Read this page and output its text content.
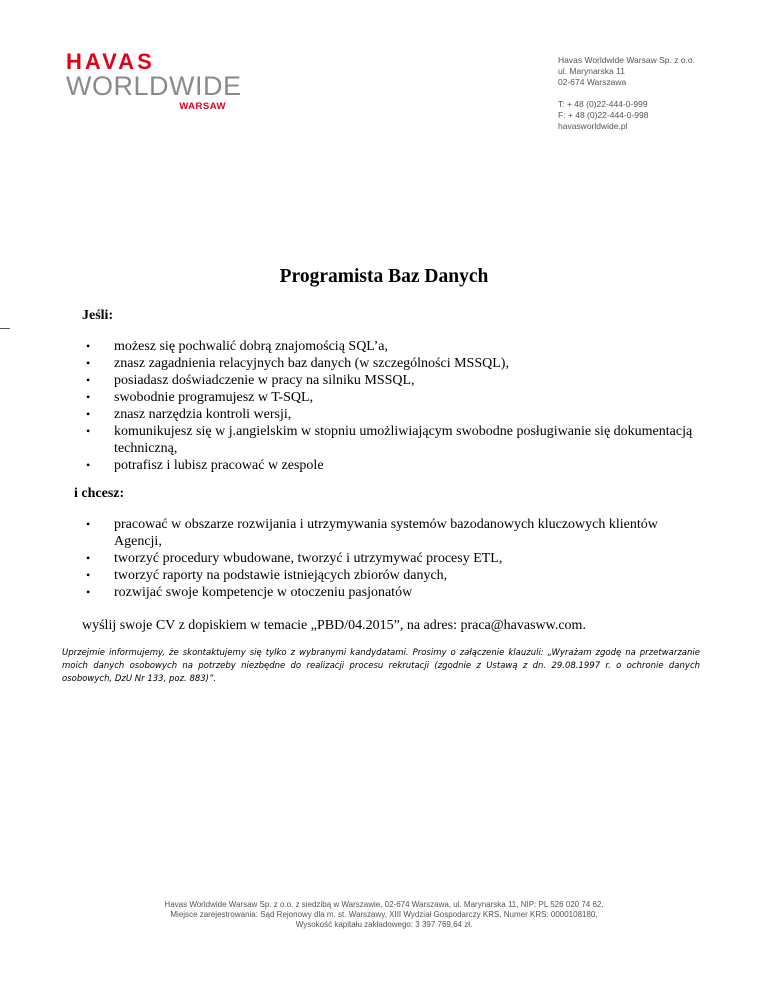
HAVAS
WORLDWIDE
WARSAW
Havas Worldwide Warsaw Sp. z o.o.
ul. Marynarska 11
02-674 Warszawa
T: + 48 (0)22-444-0-999
F: + 48 (0)22-444-0-998
havasworldwide.pl
Programista Baz Danych
Jeśli:
• możesz się pochwalić dobrą znajomością SQL’a,
• znasz zagadnienia relacyjnych baz danych (w szczególności MSSQL),
• posiadasz doświadczenie w pracy na silniku MSSQL,
• swobodnie programujesz w T-SQL,
• znasz narzędzia kontroli wersji,
• komunikujesz się w j.angielskim w stopniu umożliwiającym swobodne posługiwanie się dokumentacją techniczną,
• potrafisz i lubisz pracować w zespole
i chcesz:
• pracować w obszarze rozwijania i utrzymywania systemów bazodanowych kluczowych klientów Agencji,
• tworzyć procedury wbudowane, tworzyć i utrzymywać procesy ETL,
• tworzyć raporty na podstawie istniejących zbiorów danych,
• rozwijać swoje kompetencje w otoczeniu pasjonatów
wyślij swoje CV z dopiskiem w temacie „PBD/04.2015”, na adres: praca@havasww.com.
Uprzejmie informujemy, że skontaktujemy się tylko z wybranymi kandydatami. Prosimy o załączenie klauzuli: „Wyrażam zgodę na przetwarzanie moich danych osobowych na potrzeby niezbędne do realizacji procesu rekrutacji (zgodnie z Ustawą z dn. 29.08.1997 r. o ochronie danych osobowych, DzU Nr 133, poz. 883)”.
Havas Worldwide Warsaw Sp. z o.o. z siedzibą w Warszawie, 02-674 Warszawa, ul. Marynarska 11, NIP: PL 526 020 74 62,
Miejsce zarejestrowania: Sąd Rejonowy dla m. st. Warszawy, XIII Wydział Gospodarczy KRS, Numer KRS: 0000108180,
Wysokość kapitału zakładowego: 3 397 769,64 zł.
